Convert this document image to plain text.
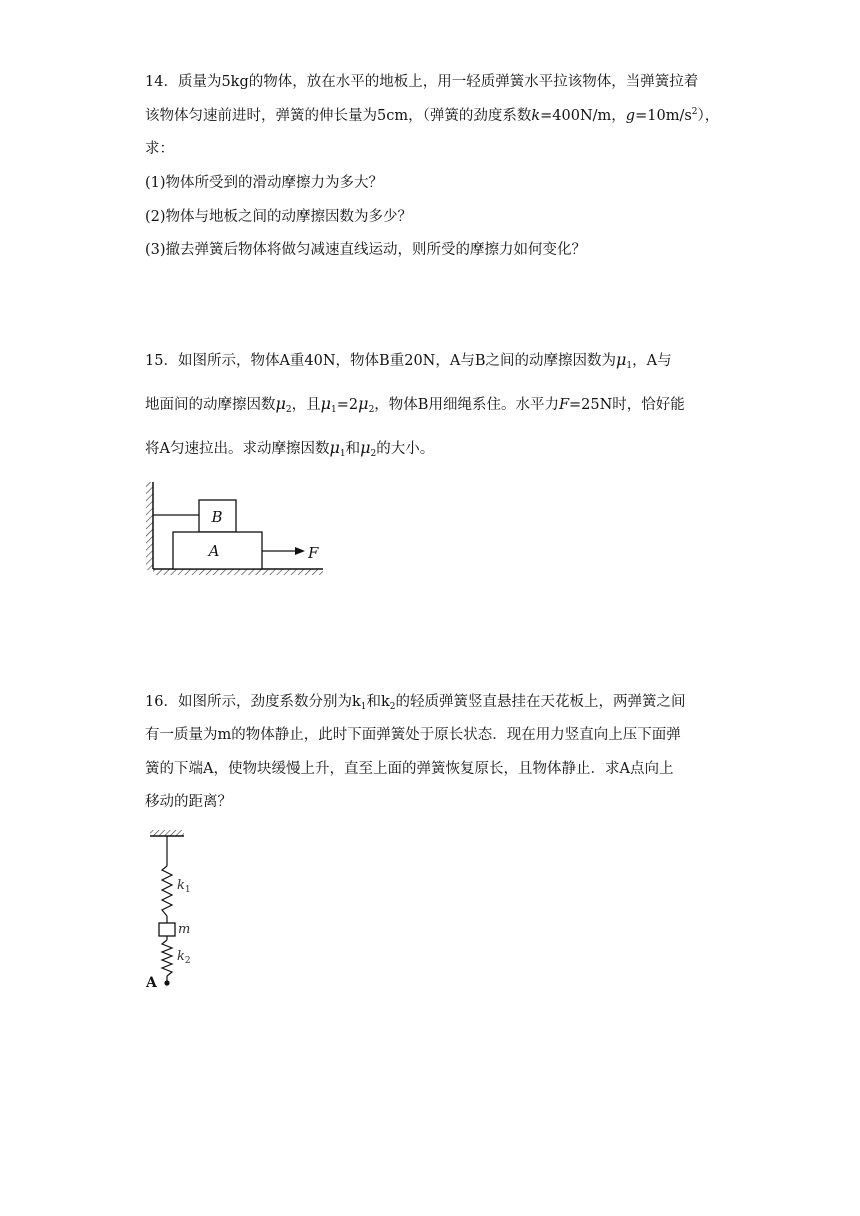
14．质量为5kg的物体，放在水平的地板上，用一轻质弹簧水平拉该物体，当弹簧拉着
该物体匀速前进时，弹簧的伸长量为5cm，（弹簧的劲度系数k=400N/m，$g=10m/s^2$），
求：
(1)物体所受到的滑动摩擦力为多大？
(2)物体与地板之间的动摩擦因数为多少？
(3)撤去弹簧后物体将做匀减速直线运动，则所受的摩擦力如何变化？
15．如图所示，物体A重40N，物体B重20N，A与B之间的动摩擦因数为$\mu_1$，A与
地面间的动摩擦因数$\mu_2$，且$\mu_1=2\mu_2$，物体B用细绳系住。水平力F=25N时，恰好能
将A匀速拉出。求动摩擦因数$\mu_1$和$\mu_2$的大小。
B
A	F
16．如图所示，劲度系数分别为$k_1$和$k_2$的轻质弹簧竖直悬挂在天花板上，两弹簧之间
有一质量为m的物体静止，此时下面弹簧处于原长状态．现在用力竖直向上压下面弹
簧的下端A，使物块缓慢上升，直至上面的弹簧恢复原长，且物体静止．求A点向上
移动的距离？
$k_1$
m
$k_2$
A
